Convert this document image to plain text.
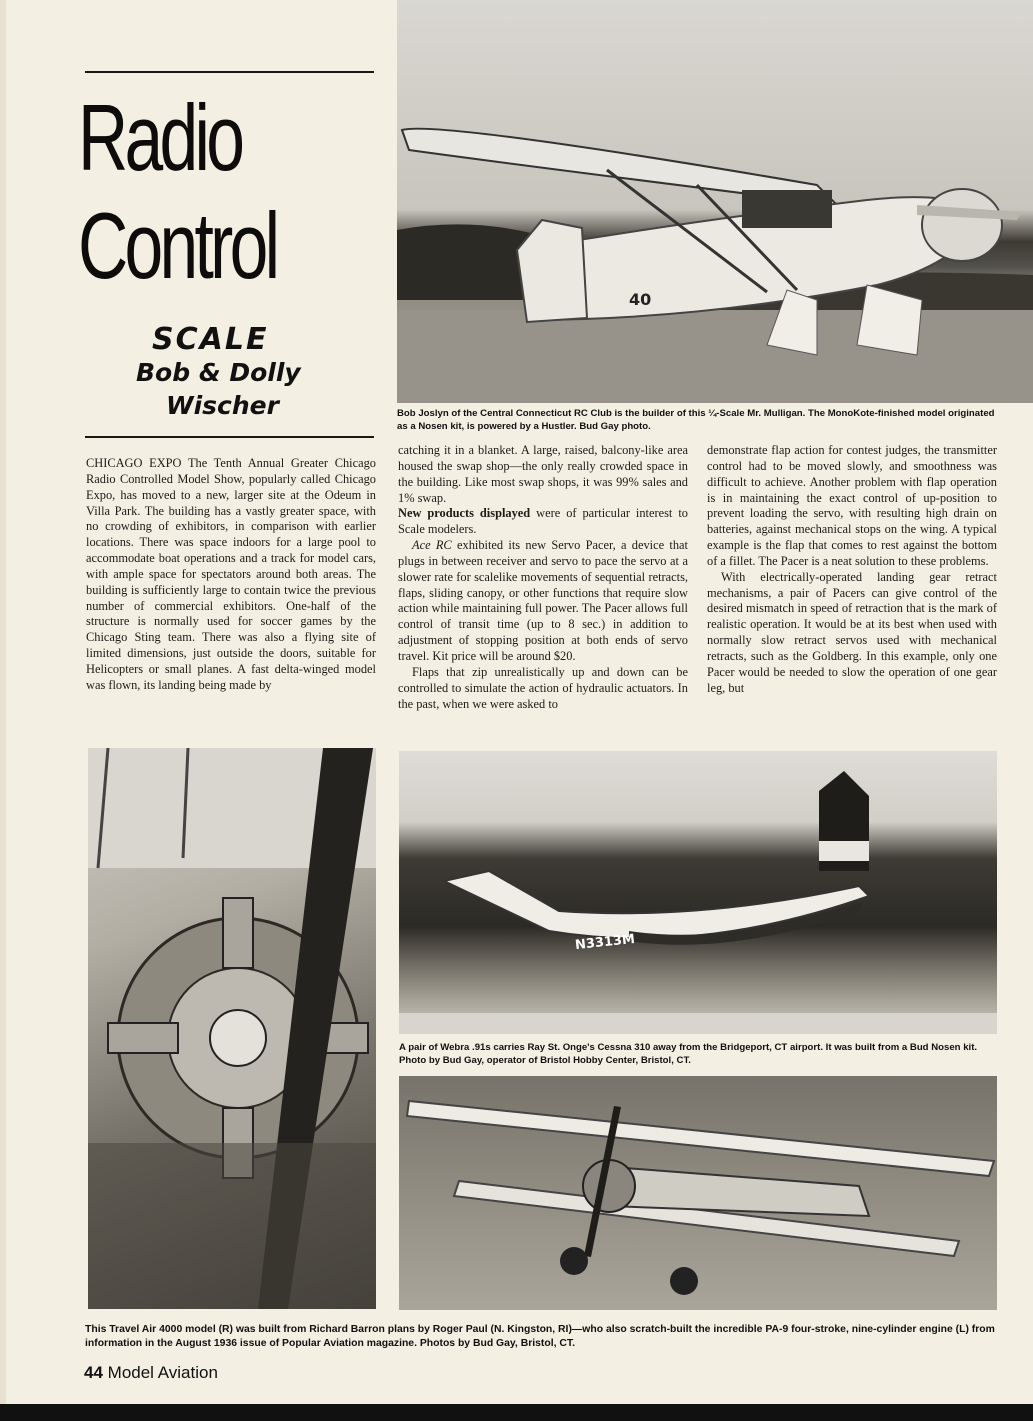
40
Radio
Control
SCALE
Bob & Dolly
Wischer	Bob Joslyn of the Central Connecticut RC Club is the builder of this ¼-Scale Mr. Mulligan. The MonoKote-finished model originated as a Nosen kit, is powered by a Hustler. Bud Gay photo.

CHICAGO EXPO The Tenth Annual Greater Chicago Radio Controlled Model Show, popularly called Chicago Expo, has moved to a new, larger site at the Odeum in Villa Park. The building has a vastly greater space, with no crowding of exhibitors, in comparison with earlier locations. There was space indoors for a large pool to accommodate boat operations and a track for model cars, with ample space for spectators around both areas. The building is sufficiently large to contain twice the previous number of commercial exhibitors. One-half of the structure is normally used for soccer games by the Chicago Sting team. There was also a flying site of limited dimensions, just outside the doors, suitable for Helicopters or small planes. A fast delta-winged model was flown, its landing being made by

catching it in a blanket. A large, raised, balcony-like area housed the swap shop—the only really crowded space in the building. Like most swap shops, it was 99% sales and 1% swap.

New products displayed were of particular interest to Scale modelers.

Ace RC exhibited its new Servo Pacer, a device that plugs in between receiver and servo to pace the servo at a slower rate for scalelike movements of sequential retracts, flaps, sliding canopy, or other functions that require slow action while maintaining full power. The Pacer allows full control of transit time (up to 8 sec.) in addition to adjustment of stopping position at both ends of servo travel. Kit price will be around $20.

Flaps that zip unrealistically up and down can be controlled to simulate the action of hydraulic actuators. In the past, when we were asked to

demonstrate flap action for contest judges, the transmitter control had to be moved slowly, and smoothness was difficult to achieve. Another problem with flap operation is in maintaining the exact control of up-position to prevent loading the servo, with resulting high drain on batteries, against mechanical stops on the wing. A typical example is the flap that comes to rest against the bottom of a fillet. The Pacer is a neat solution to these problems.

With electrically-operated landing gear retract mechanisms, a pair of Pacers can give control of the desired mismatch in speed of retraction that is the mark of realistic operation. It would be at its best when used with normally slow retract servos used with mechanical retracts, such as the Goldberg. In this example, only one Pacer would be needed to slow the operation of one gear leg, but

N3313M
A pair of Webra .91s carries Ray St. Onge's Cessna 310 away from the Bridgeport, CT airport. It was built from a Bud Nosen kit. Photo by Bud Gay, operator of Bristol Hobby Center, Bristol, CT.
This Travel Air 4000 model (R) was built from Richard Barron plans by Roger Paul (N. Kingston, RI)—who also scratch-built the incredible PA-9 four-stroke, nine-cylinder engine (L) from information in the August 1936 issue of Popular Aviation magazine. Photos by Bud Gay, Bristol, CT.
44 Model Aviation
